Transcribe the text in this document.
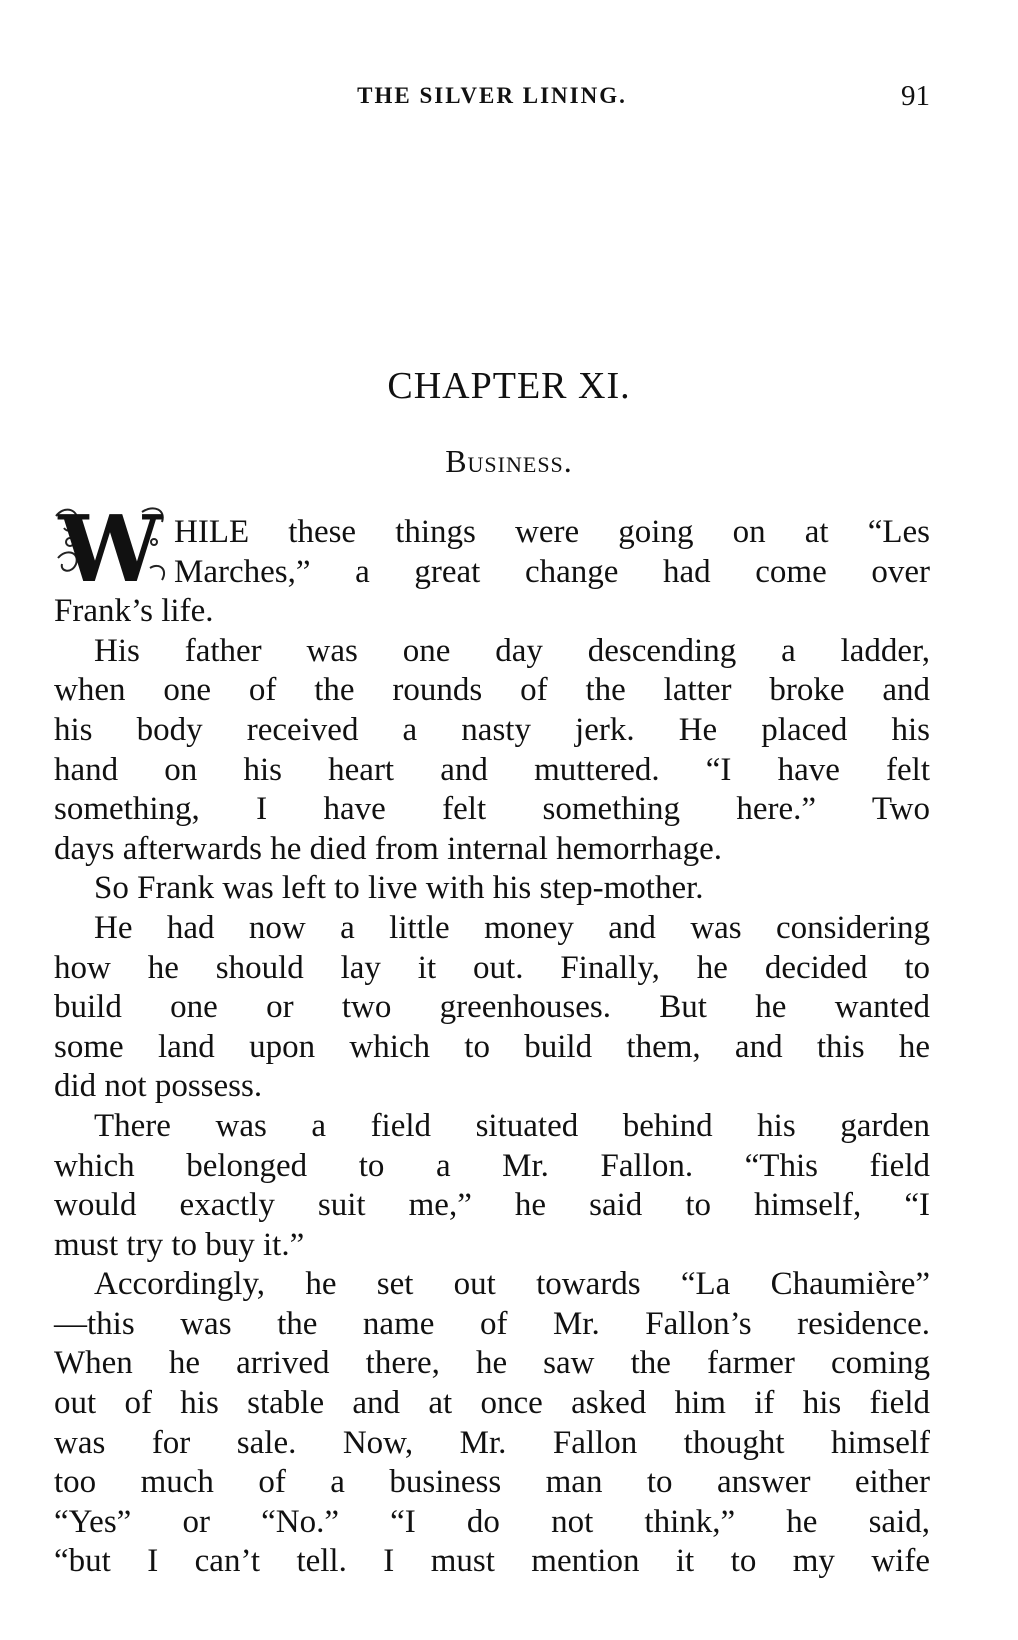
THE SILVER LINING.	91
CHAPTER XI.
Business.
W HILE these things were going on at “Les
Marches,” a great change had come over
Frank’s life.
His father was one day descending a ladder,
when one of the rounds of the latter broke and
his body received a nasty jerk. He placed his
hand on his heart and muttered. “I have felt
something, I have felt something here.” Two
days afterwards he died from internal hemorrhage.
So Frank was left to live with his step-mother.
He had now a little money and was considering
how he should lay it out. Finally, he decided to
build one or two greenhouses. But he wanted
some land upon which to build them, and this he
did not possess.
There was a field situated behind his garden
which belonged to a Mr. Fallon. “This field
would exactly suit me,” he said to himself, “I
must try to buy it.”
Accordingly, he set out towards “La Chaumière”
—this was the name of Mr. Fallon’s residence.
When he arrived there, he saw the farmer coming
out of his stable and at once asked him if his field
was for sale. Now, Mr. Fallon thought himself
too much of a business man to answer either
“Yes” or “No.” “I do not think,” he said,
“but I can’t tell. I must mention it to my wife
